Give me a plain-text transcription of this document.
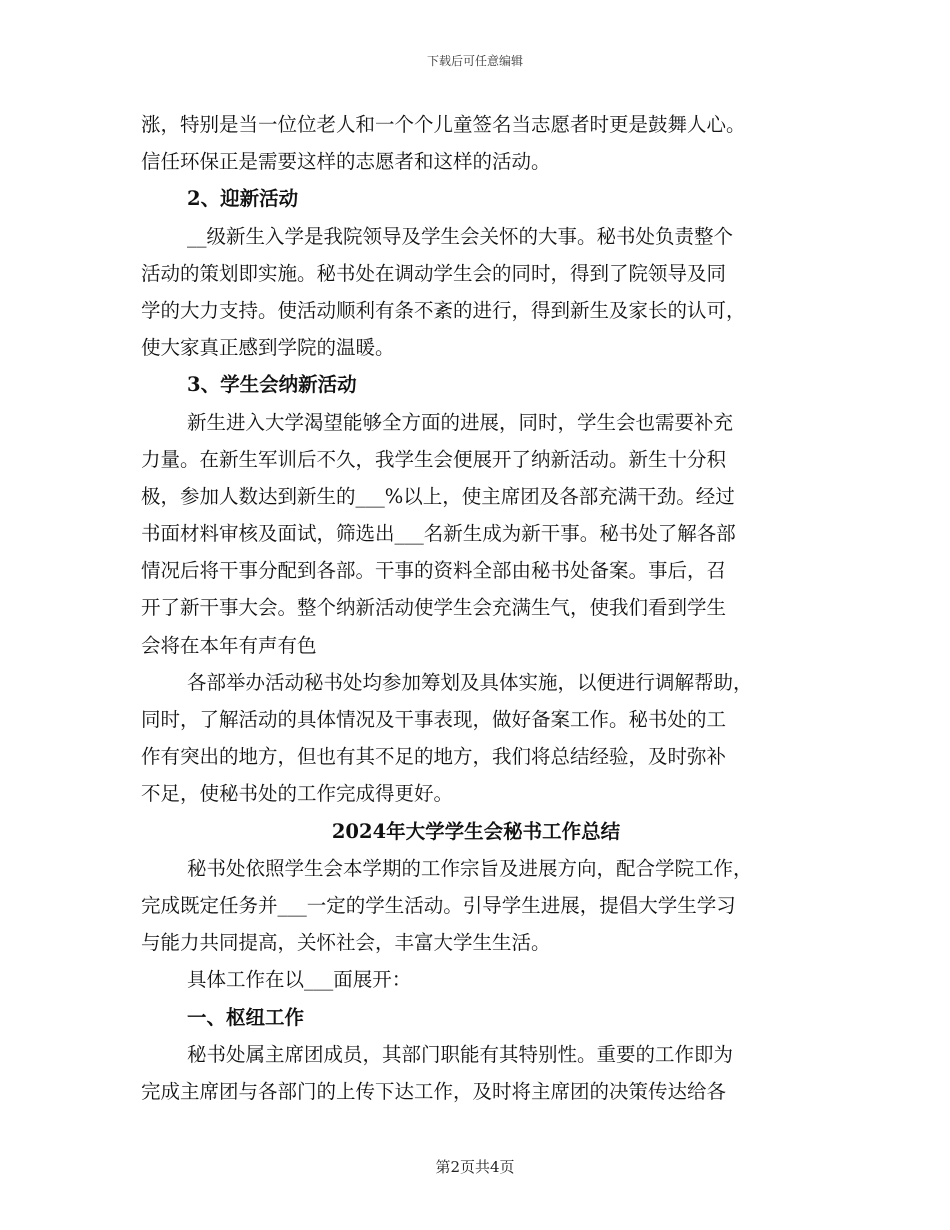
下载后可任意编辑
涨，特别是当一位位老人和一个个儿童签名当志愿者时更是鼓舞人心。
信任环保正是需要这样的志愿者和这样的活动。
2、迎新活动
__级新生入学是我院领导及学生会关怀的大事。秘书处负责整个
活动的策划即实施。秘书处在调动学生会的同时，得到了院领导及同
学的大力支持。使活动顺利有条不紊的进行，得到新生及家长的认可，
使大家真正感到学院的温暖。
3、学生会纳新活动
新生进入大学渴望能够全方面的进展，同时，学生会也需要补充
力量。在新生军训后不久，我学生会便展开了纳新活动。新生十分积
极，参加人数达到新生的___%以上，使主席团及各部充满干劲。经过
书面材料审核及面试，筛选出___名新生成为新干事。秘书处了解各部
情况后将干事分配到各部。干事的资料全部由秘书处备案。事后，召
开了新干事大会。整个纳新活动使学生会充满生气，使我们看到学生
会将在本年有声有色
各部举办活动秘书处均参加筹划及具体实施，以便进行调解帮助，
同时，了解活动的具体情况及干事表现，做好备案工作。秘书处的工
作有突出的地方，但也有其不足的地方，我们将总结经验，及时弥补
不足，使秘书处的工作完成得更好。
2024年大学学生会秘书工作总结
秘书处依照学生会本学期的工作宗旨及进展方向，配合学院工作，
完成既定任务并___一定的学生活动。引导学生进展，提倡大学生学习
与能力共同提高，关怀社会，丰富大学生生活。
具体工作在以___面展开：
一、枢纽工作
秘书处属主席团成员，其部门职能有其特别性。重要的工作即为
完成主席团与各部门的上传下达工作，及时将主席团的决策传达给各
第2页共4页
